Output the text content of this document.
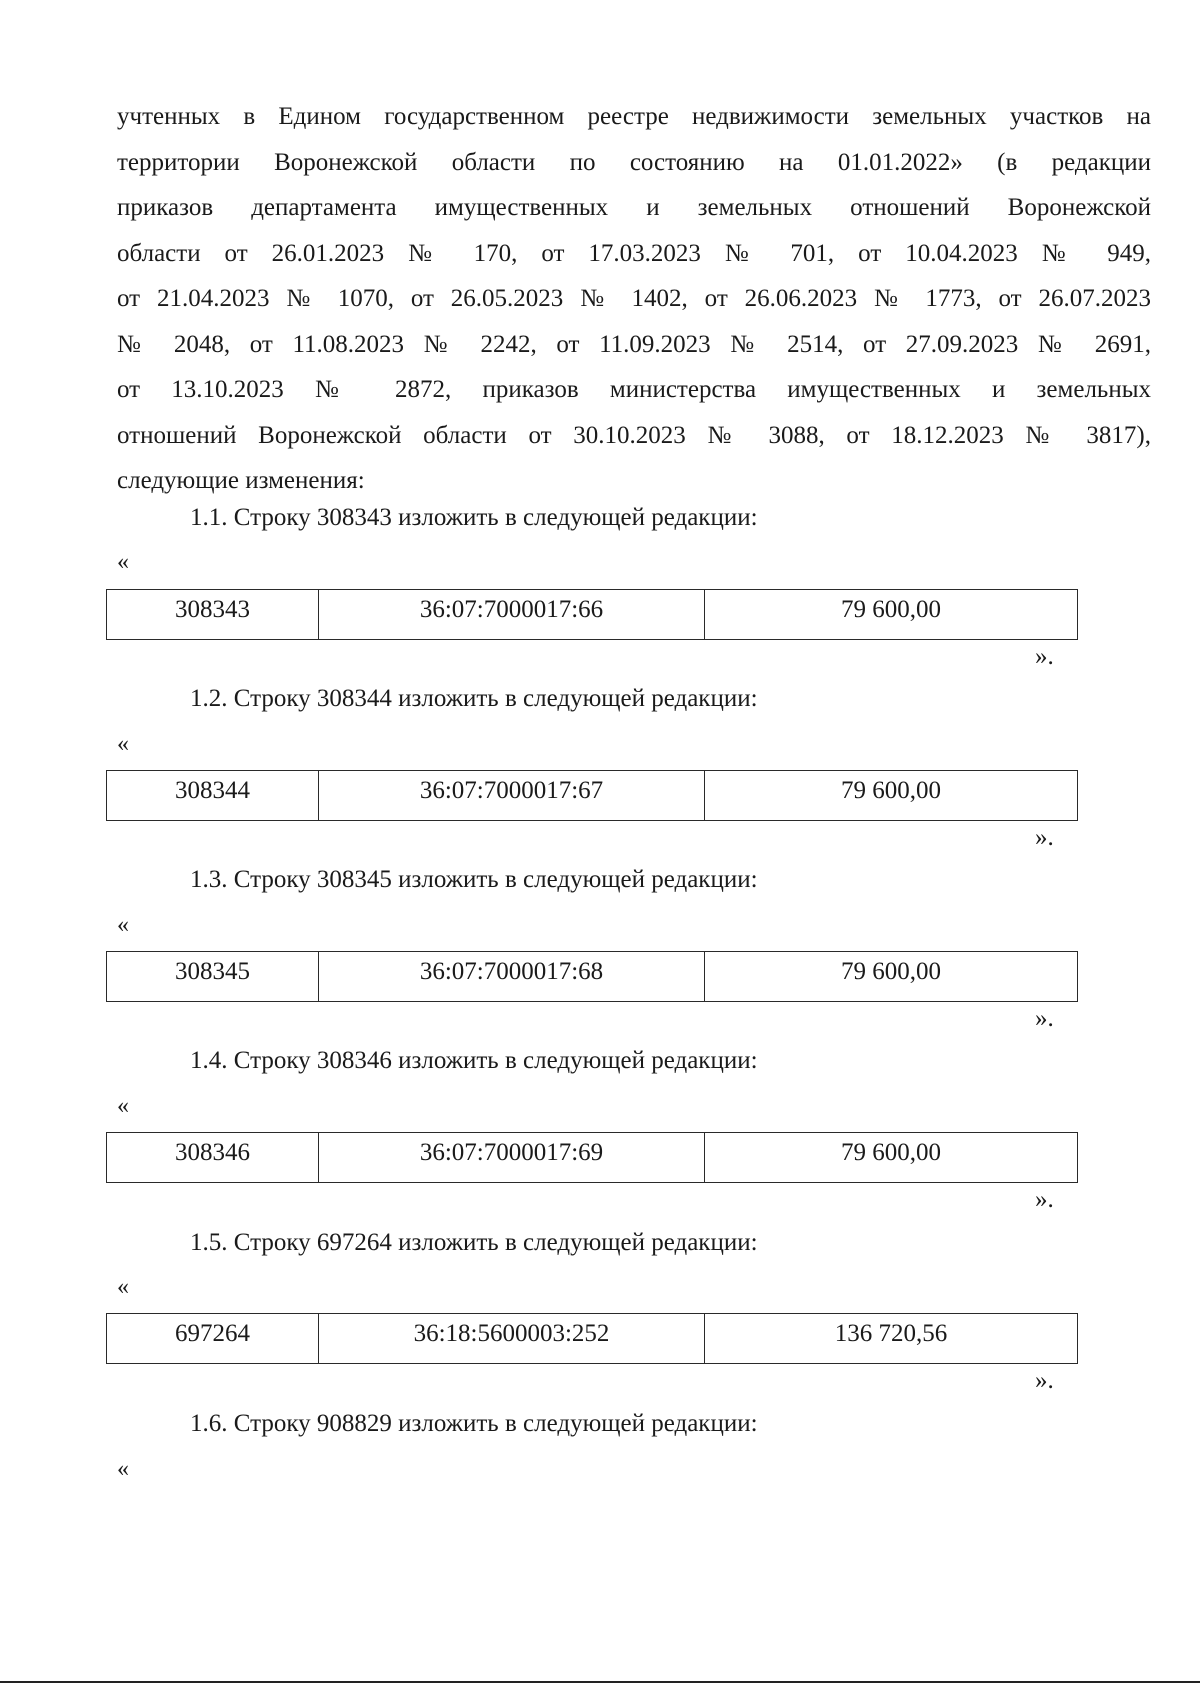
учтенных в Едином государственном реестре недвижимости земельных участков на
территории Воронежской области по состоянию на 01.01.2022» (в редакции
приказов департамента имущественных и земельных отношений Воронежской
области от 26.01.2023 № 170, от 17.03.2023 № 701, от 10.04.2023 № 949,
от 21.04.2023 № 1070, от 26.05.2023 № 1402, от 26.06.2023 № 1773, от 26.07.2023
№ 2048, от 11.08.2023 № 2242, от 11.09.2023 № 2514, от 27.09.2023 № 2691,
от 13.10.2023 № 2872, приказов министерства имущественных и земельных
отношений Воронежской области от 30.10.2023 № 3088, от 18.12.2023 № 3817),
следующие изменения:
1.1. Строку 308343 изложить в следующей редакции:
«
308343	36:07:7000017:66	79 600,00
».
1.2. Строку 308344 изложить в следующей редакции:
«
308344	36:07:7000017:67	79 600,00
».
1.3. Строку 308345 изложить в следующей редакции:
«
308345	36:07:7000017:68	79 600,00
».
1.4. Строку 308346 изложить в следующей редакции:
«
308346	36:07:7000017:69	79 600,00
».
1.5. Строку 697264 изложить в следующей редакции:
«
697264	36:18:5600003:252	136 720,56
».
1.6. Строку 908829 изложить в следующей редакции:
«
